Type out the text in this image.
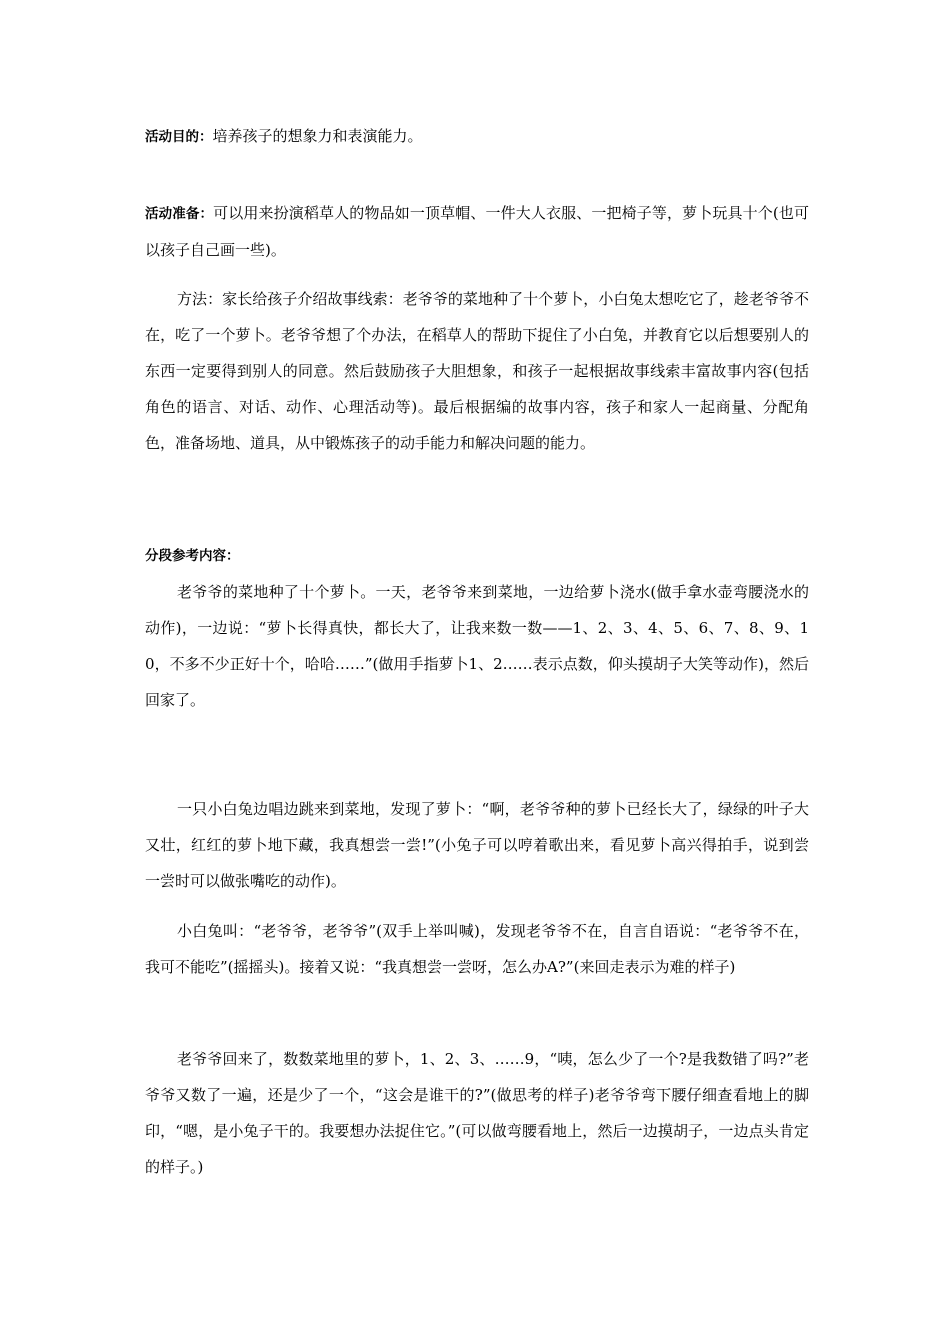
活动目的：培养孩子的想象力和表演能力。

活动准备：可以用来扮演稻草人的物品如一顶草帽、一件大人衣服、一把椅子等，萝卜玩具十个(也可以孩子自己画一些)。

方法：家长给孩子介绍故事线索：老爷爷的菜地种了十个萝卜，小白兔太想吃它了，趁老爷爷不在，吃了一个萝卜。老爷爷想了个办法，在稻草人的帮助下捉住了小白兔，并教育它以后想要别人的东西一定要得到别人的同意。然后鼓励孩子大胆想象，和孩子一起根据故事线索丰富故事内容(包括角色的语言、对话、动作、心理活动等)。最后根据编的故事内容，孩子和家人一起商量、分配角色，准备场地、道具，从中锻炼孩子的动手能力和解决问题的能力。

分段参考内容：

老爷爷的菜地种了十个萝卜。一天，老爷爷来到菜地，一边给萝卜浇水(做手拿水壶弯腰浇水的动作)，一边说：“萝卜长得真快，都长大了，让我来数一数——1、2、3、4、5、6、7、8、9、10，不多不少正好十个，哈哈……”(做用手指萝卜1、2……表示点数，仰头摸胡子大笑等动作)，然后回家了。

一只小白兔边唱边跳来到菜地，发现了萝卜：“啊，老爷爷种的萝卜已经长大了，绿绿的叶子大又壮，红红的萝卜地下藏，我真想尝一尝!”(小兔子可以哼着歌出来，看见萝卜高兴得拍手，说到尝一尝时可以做张嘴吃的动作)。

小白兔叫：“老爷爷，老爷爷”(双手上举叫喊)，发现老爷爷不在，自言自语说：“老爷爷不在，我可不能吃”(摇摇头)。接着又说：“我真想尝一尝呀，怎么办A?”(来回走表示为难的样子)

老爷爷回来了，数数菜地里的萝卜，1、2、3、……9，“咦，怎么少了一个?是我数错了吗?”老爷爷又数了一遍，还是少了一个，“这会是谁干的?”(做思考的样子)老爷爷弯下腰仔细查看地上的脚印，“嗯，是小兔子干的。我要想办法捉住它。”(可以做弯腰看地上，然后一边摸胡子，一边点头肯定的样子。)
